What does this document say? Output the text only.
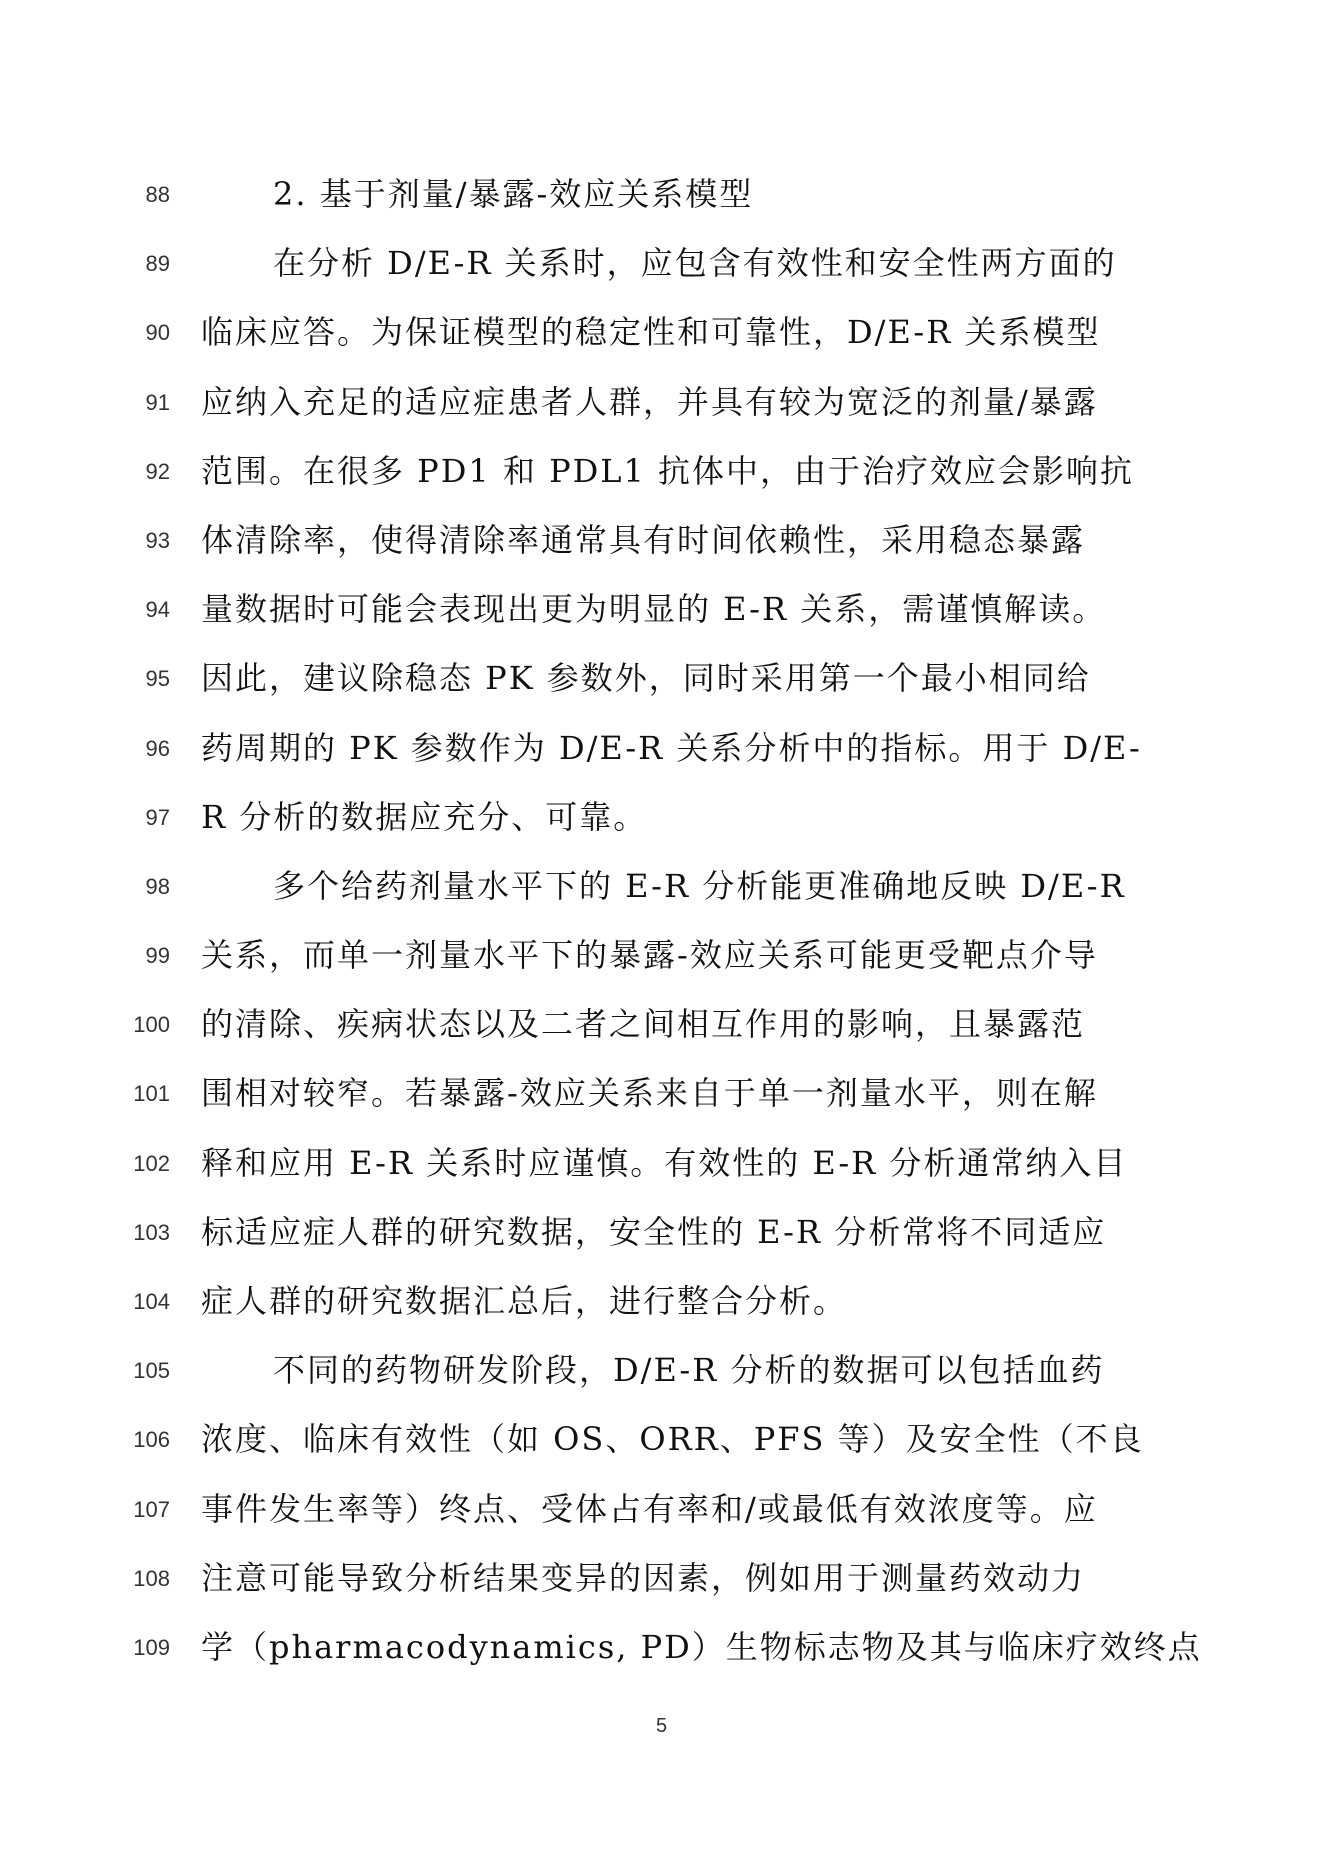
88
89
90
91
92
93
94
95
96
97
98
99
100
101
102
103
104
105
106
107
108
109
2. 基于剂量/暴露-效应关系模型
在分析 D/E-R 关系时，应包含有效性和安全性两方面的
临床应答。为保证模型的稳定性和可靠性，D/E-R 关系模型
应纳入充足的适应症患者人群，并具有较为宽泛的剂量/暴露
范围。在很多 PD1 和 PDL1 抗体中，由于治疗效应会影响抗
体清除率，使得清除率通常具有时间依赖性，采用稳态暴露
量数据时可能会表现出更为明显的 E-R 关系，需谨慎解读。
因此，建议除稳态 PK 参数外，同时采用第一个最小相同给
药周期的 PK 参数作为 D/E-R 关系分析中的指标。用于 D/E-
R 分析的数据应充分、可靠。
多个给药剂量水平下的 E-R 分析能更准确地反映 D/E-R
关系，而单一剂量水平下的暴露-效应关系可能更受靶点介导
的清除、疾病状态以及二者之间相互作用的影响，且暴露范
围相对较窄。若暴露-效应关系来自于单一剂量水平，则在解
释和应用 E-R 关系时应谨慎。有效性的 E-R 分析通常纳入目
标适应症人群的研究数据，安全性的 E-R 分析常将不同适应
症人群的研究数据汇总后，进行整合分析。
不同的药物研发阶段，D/E-R 分析的数据可以包括血药
浓度、临床有效性（如 OS、ORR、PFS 等）及安全性（不良
事件发生率等）终点、受体占有率和/或最低有效浓度等。应
注意可能导致分析结果变异的因素，例如用于测量药效动力
学（pharmacodynamics, PD）生物标志物及其与临床疗效终点
5
